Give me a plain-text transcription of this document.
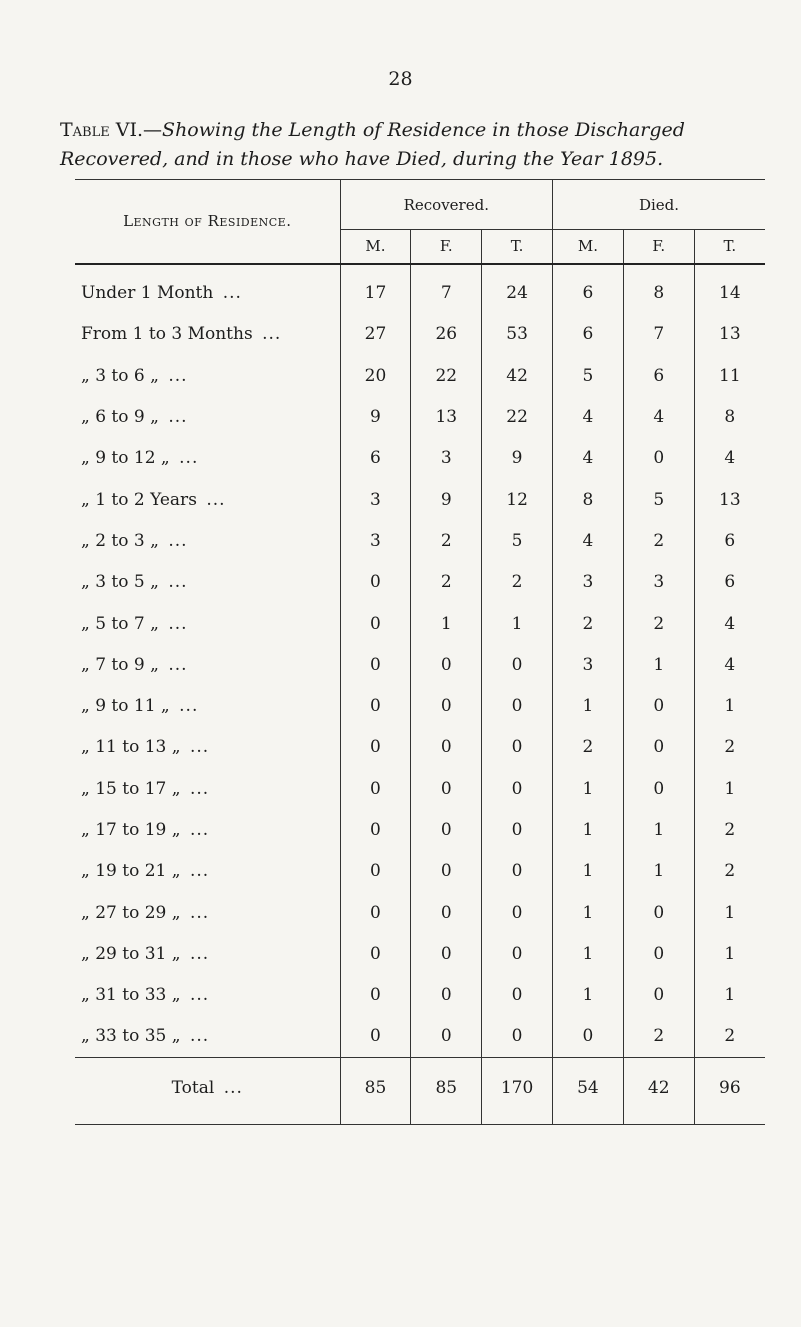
28
Table VI.—Showing the Length of Residence in those Discharged Recovered, and in those who have Died, during the Year 1895.
Length of Residence.	Recovered.			Died.		
	M.	F.	T.	M.	F.	T.
Under 1 Month ...	17	7	24	6	8	14
From 1 to 3 Months ...	27	26	53	6	7	13
„ 3 to 6 „ ...	20	22	42	5	6	11
„ 6 to 9 „ ...	9	13	22	4	4	8
„ 9 to 12 „ ...	6	3	9	4	0	4
„ 1 to 2 Years ...	3	9	12	8	5	13
„ 2 to 3 „ ...	3	2	5	4	2	6
„ 3 to 5 „ ...	0	2	2	3	3	6
„ 5 to 7 „ ...	0	1	1	2	2	4
„ 7 to 9 „ ...	0	0	0	3	1	4
„ 9 to 11 „ ...	0	0	0	1	0	1
„ 11 to 13 „ ...	0	0	0	2	0	2
„ 15 to 17 „ ...	0	0	0	1	0	1
„ 17 to 19 „ ...	0	0	0	1	1	2
„ 19 to 21 „ ...	0	0	0	1	1	2
„ 27 to 29 „ ...	0	0	0	1	0	1
„ 29 to 31 „ ...	0	0	0	1	0	1
„ 31 to 33 „ ...	0	0	0	1	0	1
„ 33 to 35 „ ...	0	0	0	0	2	2
Total ...	85	85	170	54	42	96
